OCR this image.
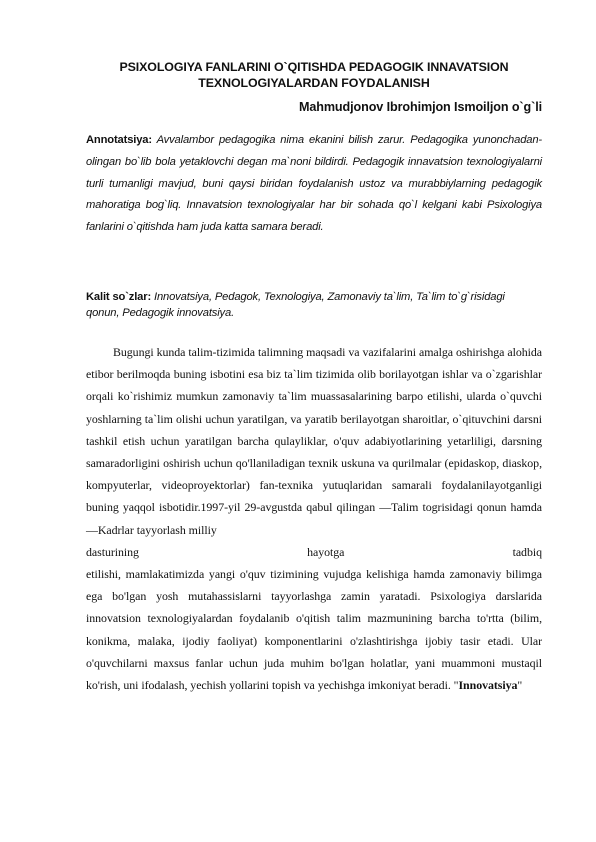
PSIXOLOGIYA FANLARINI O`QITISHDA PEDAGOGIK INNAVATSION
TEXNOLOGIYALARDAN FOYDALANISH
Mahmudjonov Ibrohimjon Ismoiljon o`g`li
Annotatsiya: Avvalambor pedagogika nima ekanini bilish zarur. Pedagogika yunonchadan- olingan bo`lib bola yetaklovchi degan ma`noni bildirdi. Pedagogik innavatsion texnologiyalarni turli tumanligi mavjud, buni qaysi biridan foydalanish ustoz va murabbiylarning pedagogik mahoratiga bog`liq. Innavatsion texnologiyalar har bir sohada qo`l kelgani kabi Psixologiya fanlarini o`qitishda ham juda katta samara beradi.
Kalit so`zlar: Innovatsiya, Pedagok, Texnologiya, Zamonaviy ta`lim, Ta`lim to`g`risidagi qonun, Pedagogik innovatsiya.
Bugungi kunda talim-tizimida talimning maqsadi va vazifalarini amalga oshirishga alohida etibor berilmoqda buning isbotini esa biz ta`lim tizimida olib borilayotgan ishlar va o`zgarishlar orqali ko`rishimiz mumkun zamonaviy ta`lim muassasalarining barpo etilishi, ularda o`quvchi yoshlarning ta`lim olishi uchun yaratilgan, va yaratib berilayotgan sharoitlar, o`qituvchini darsni tashkil etish uchun yaratilgan barcha qulayliklar, o'quv adabiyotlarining yetarliligi, darsning samaradorligini oshirish uchun qo'llaniladigan texnik uskuna va qurilmalar (epidaskop, diaskop, kompyuterlar, videoproyektorlar) fan-texnika yutuqlaridan samarali foydalanilayotganligi buning yaqqol isbotidir.1997-yil 29-avgustda qabul qilingan —Talim togrisidagi qonun hamda —Kadrlar tayyorlash milliy
dasturining	hayotga	tadbiq
etilishi, mamlakatimizda yangi o'quv tizimining vujudga kelishiga hamda zamonaviy bilimga ega bo'lgan yosh mutahassislarni tayyorlashga zamin yaratadi. Psixologiya darslarida innovatsion texnologiyalardan foydalanib o'qitish talim mazmunining barcha to'rtta (bilim, konikma, malaka, ijodiy faoliyat) komponentlarini o'zlashtirishga ijobiy tasir etadi. Ular o'quvchilarni maxsus fanlar uchun juda muhim bo'lgan holatlar, yani muammoni mustaqil ko'rish, uni ifodalash, yechish yollarini topish va yechishga imkoniyat beradi. "Innovatsiya"
